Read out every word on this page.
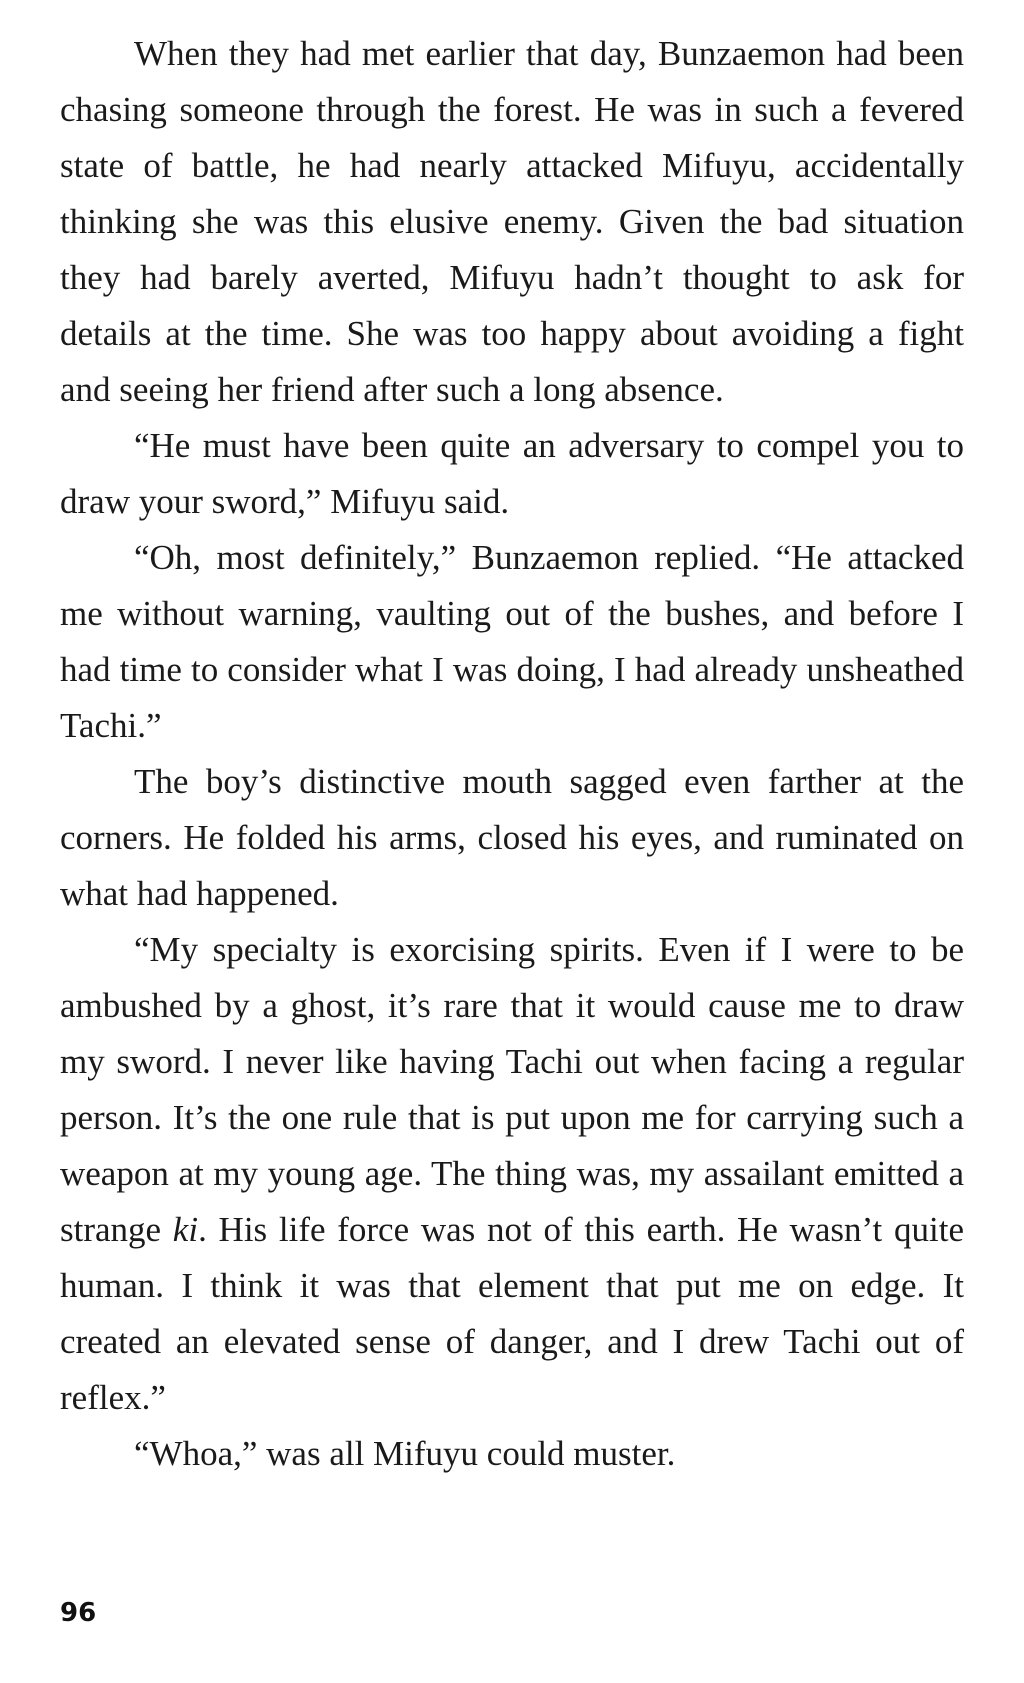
When they had met earlier that day, Bunzaemon had been chasing someone through the forest. He was in such a fevered state of battle, he had nearly attacked Mifuyu, accidentally thinking she was this elusive enemy. Given the bad situation they had barely averted, Mifuyu hadn’t thought to ask for details at the time. She was too happy about avoiding a fight and seeing her friend after such a long absence.

“He must have been quite an adversary to compel you to draw your sword,” Mifuyu said.

“Oh, most definitely,” Bunzaemon replied. “He attacked me without warning, vaulting out of the bushes, and before I had time to consider what I was doing, I had already unsheathed Tachi.”

The boy’s distinctive mouth sagged even farther at the corners. He folded his arms, closed his eyes, and ruminated on what had happened.

“My specialty is exorcising spirits. Even if I were to be ambushed by a ghost, it’s rare that it would cause me to draw my sword. I never like having Tachi out when facing a regular person. It’s the one rule that is put upon me for carrying such a weapon at my young age. The thing was, my assailant emitted a strange ki. His life force was not of this earth. He wasn’t quite human. I think it was that element that put me on edge. It created an elevated sense of danger, and I drew Tachi out of reflex.”

“Whoa,” was all Mifuyu could muster.

96
